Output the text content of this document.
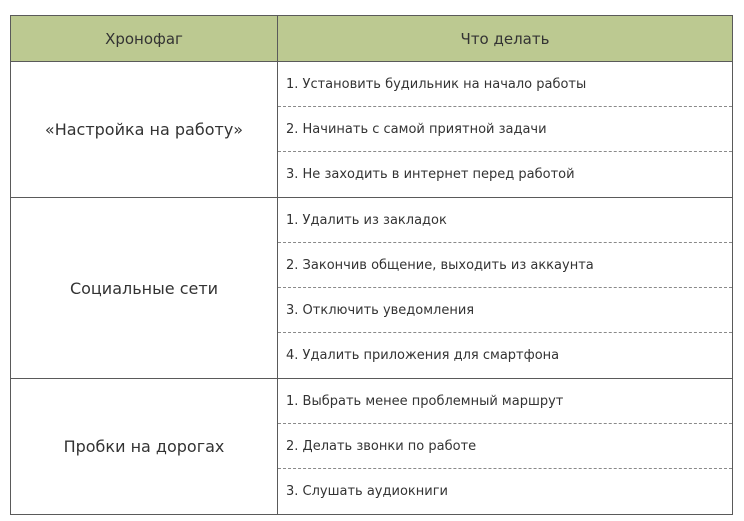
Хронофаг	Что делать
«Настройка на работу»	1. Установить будильник на начало работы
2. Начинать с самой приятной задачи
3. Не заходить в интернет перед работой

Социальные сети	1. Удалить из закладок
2. Закончив общение, выходить из аккаунта
3. Отключить уведомления
4. Удалить приложения для смартфона

Пробки на дорогах	1. Выбрать менее проблемный маршрут
2. Делать звонки по работе
3. Слушать аудиокниги
